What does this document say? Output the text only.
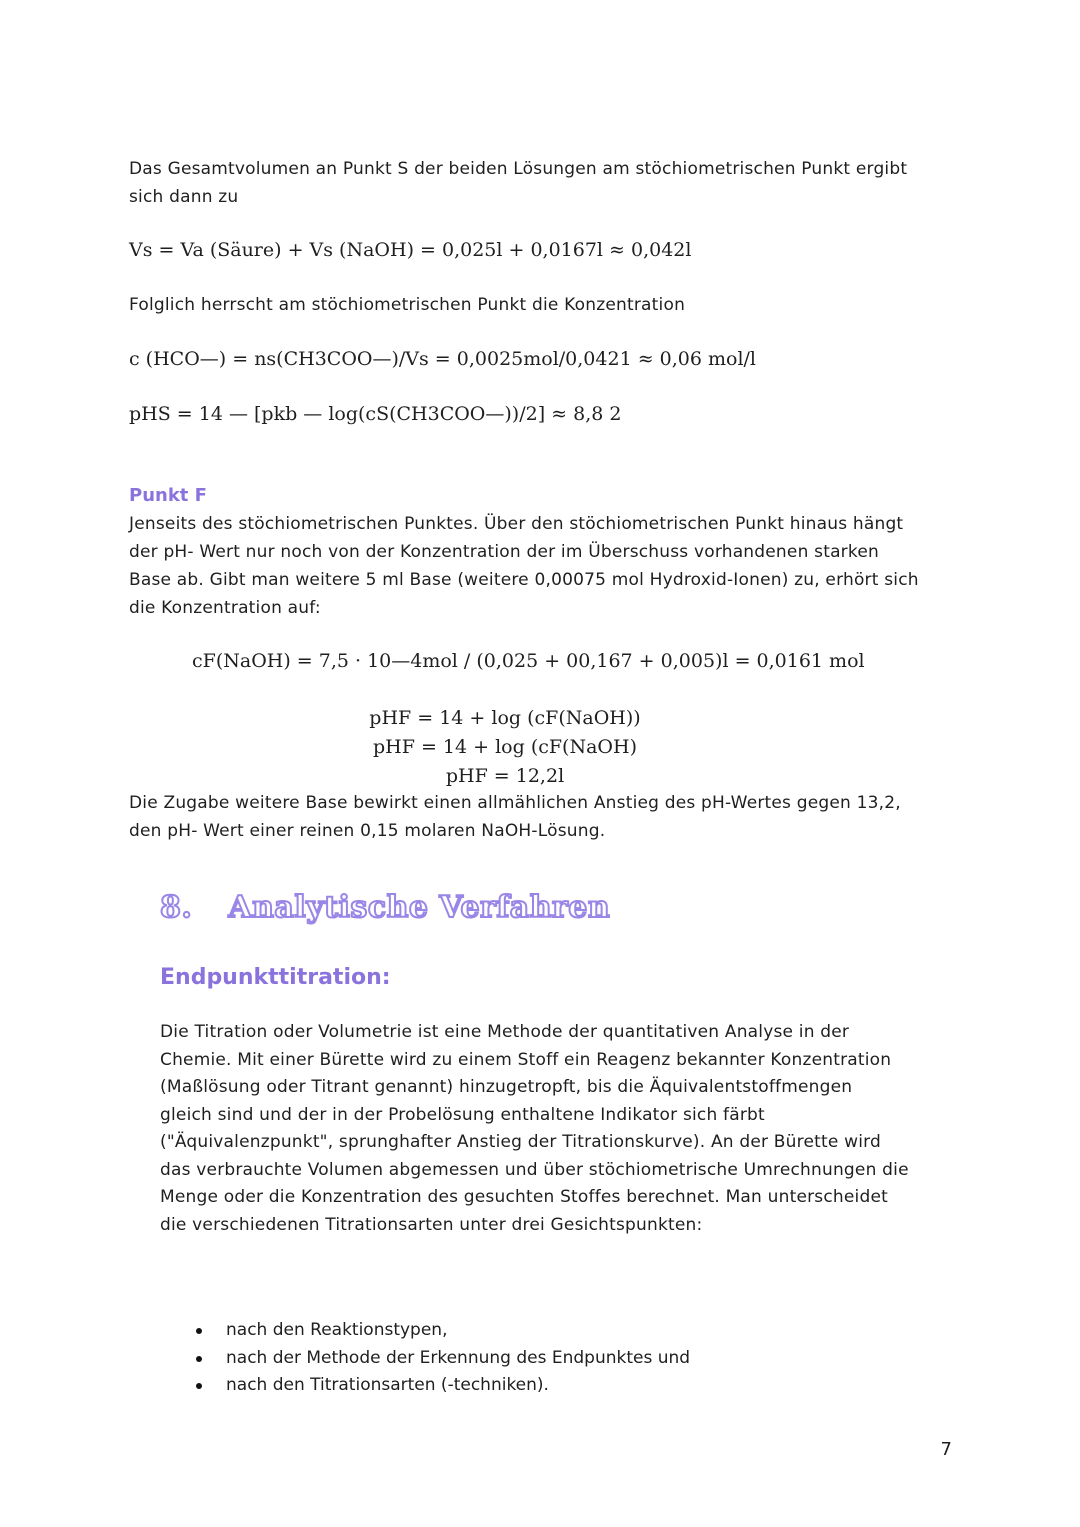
Das Gesamtvolumen an Punkt S der beiden Lösungen am stöchiometrischen Punkt ergibt
sich dann zu
Vs = Va (Säure) + Vs (NaOH) = 0,025l + 0,0167l ≈ 0,042l
Folglich herrscht am stöchiometrischen Punkt die Konzentration
c (HCO—) = ns(CH3COO—)/Vs = 0,0025mol/0,0421 ≈ 0,06 mol/l
pHS = 14 — [pkb — log(cS(CH3COO—))/2] ≈ 8,8 2
Punkt F
Jenseits des stöchiometrischen Punktes. Über den stöchiometrischen Punkt hinaus hängt
der pH- Wert nur noch von der Konzentration der im Überschuss vorhandenen starken
Base ab. Gibt man weitere 5 ml Base (weitere 0,00075 mol Hydroxid-Ionen) zu, erhört sich
die Konzentration auf:
cF(NaOH) = 7,5 · 10—4mol / (0,025 + 00,167 + 0,005)l = 0,0161 mol
pHF = 14 + log (cF(NaOH))
pHF = 14 + log (cF(NaOH)
pHF = 12,2l
Die Zugabe weitere Base bewirkt einen allmählichen Anstieg des pH-Wertes gegen 13,2,
den pH- Wert einer reinen 0,15 molaren NaOH-Lösung.
8. Analytische Verfahren
Endpunkttitration:
Die Titration oder Volumetrie ist eine Methode der quantitativen Analyse in der
Chemie. Mit einer Bürette wird zu einem Stoff ein Reagenz bekannter Konzentration
(Maßlösung oder Titrant genannt) hinzugetropft, bis die Äquivalentstoffmengen
gleich sind und der in der Probelösung enthaltene Indikator sich färbt
("Äquivalenzpunkt", sprunghafter Anstieg der Titrationskurve). An der Bürette wird
das verbrauchte Volumen abgemessen und über stöchiometrische Umrechnungen die
Menge oder die Konzentration des gesuchten Stoffes berechnet. Man unterscheidet
die verschiedenen Titrationsarten unter drei Gesichtspunkten:
nach den Reaktionstypen,
nach der Methode der Erkennung des Endpunktes und
nach den Titrationsarten (-techniken).
7
